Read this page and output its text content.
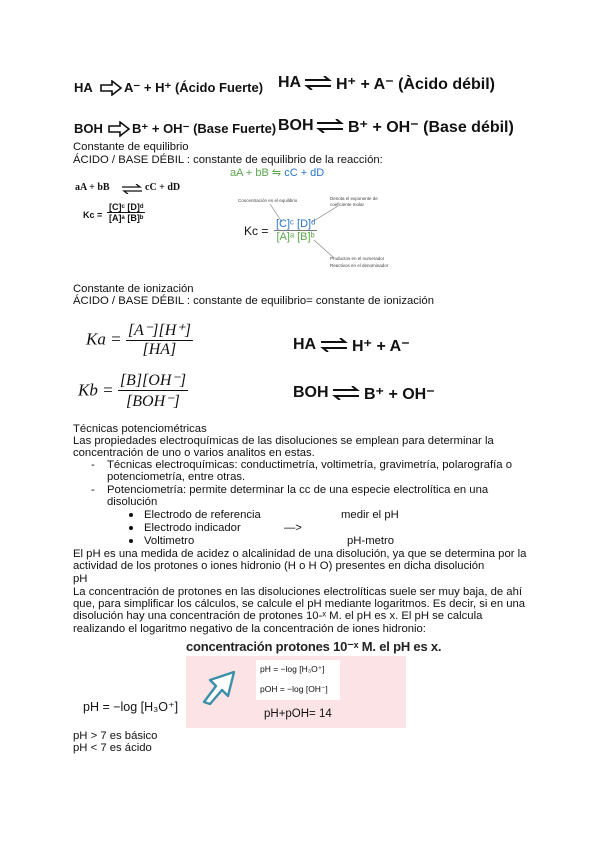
HA A⁻ + H⁺ (Ácido Fuerte) HA ⇌ H⁺ + A⁻ (Àcido débil)
BOH B⁺ + OH⁻ (Base Fuerte) BOH ⇌ B⁺ + OH⁻ (Base débil)
Constante de equilibrio
ÁCIDO / BASE DÉBIL : constante de equilibrio de la reacción:
aA + bB	cC + dD
$Kc = \frac{\text{[C]ᶜ [D]ᵈ}}{\text{[A]ᵃ [B]ᵇ}}$
aA + bB ⇋ cC + dD
Concentración en el equilibrio	Denota el exponente de coeficiente molar
$Kc = \frac{\text{[C]ᶜ [D]ᵈ}}{\text{[A]ᵃ [B]ᵇ}}$
Productos en el numerador
Reactivos en el denominador
Constante de ionización
ÁCIDO / BASE DÉBIL : constante de equilibrio= constante de ionización
$Ka = \frac{[A^-][H^+]}{[HA]}$
$Kb = \frac{[B][OH^-]}{\text{[BOH⁻]}}$
HA ⇌ H⁺ + A⁻
BOH ⇌ B⁺ + OH⁻
Técnicas potenciométricas
Las propiedades electroquímicas de las disoluciones se emplean para determinar la
concentración de uno o varios analitos en estas.
- Técnicas electroquímicas: conductimetría, voltimetría, gravimetría, polarografía o
potenciometría, entre otras.
- Potenciometría: permite determinar la cc de una especie electrolítica en una
disolución
Electrodo de referencia	medir el pH
Electrodo indicador	—>
Voltimetro	pH-metro
El pH es una medida de acidez o alcalinidad de una disolución, ya que se determina por la
actividad de los protones o iones hidronio (H o H O) presentes en dicha disolución
pH
La concentración de protones en las disoluciones electrolíticas suele ser muy baja, de ahí
que, para simplificar los cálculos, se calcule el pH mediante logaritmos. Es decir, si en una
disolución hay una concentración de protones 10-ˣ M. el pH es x. El pH se calcula
realizando el logaritmo negativo de la concentración de iones hidronio:
concentración protones 10⁻ˣ M. el pH es x.
pH = −log [H₃O⁺]
pOH = −log [OH⁻]
pH+pOH= 14
pH = −log [H₃O⁺]
pH > 7 es básico
pH < 7 es ácido
